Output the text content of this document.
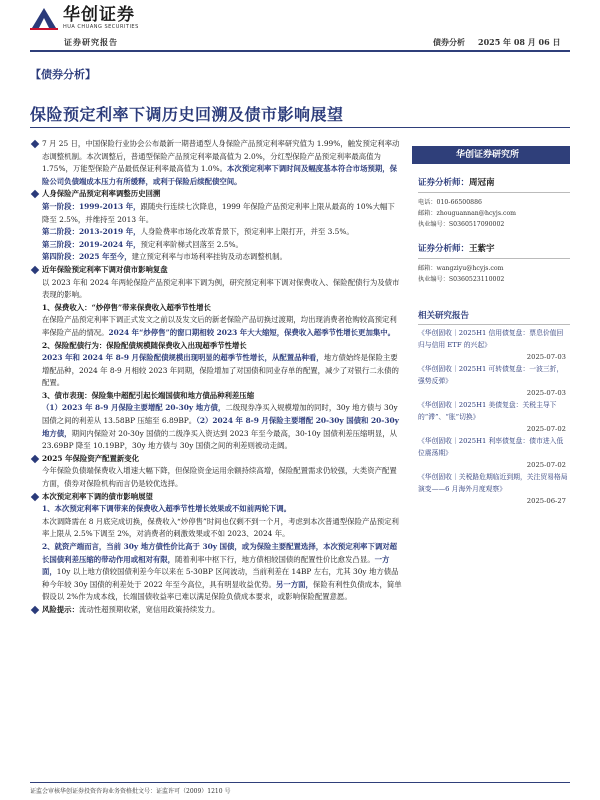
华创证券
HUA CHUANG SECURITIES
证券研究报告	债券分析 2025 年 08 月 06 日
【债券分析】
保险预定利率下调历史回溯及债市影响展望
7 月 25 日，中国保险行业协会公布最新一期普通型人身保险产品预定利率研究值为 1.99%，触发预定利率动态调整机制。本次调整后，普通型保险产品预定利率最高值为 2.0%，分红型保险产品预定利率最高值为 1.75%，万能型保险产品最低保证利率最高值为 1.0%。本次预定利率下调时间及幅度基本符合市场预期，保险公司负债端成本压力有所缓释，或利于保险后续配债空间。
人身保险产品预定利率调整历史回溯
第一阶段：1999-2013 年，跟随央行连续七次降息，1999 年保险产品预定利率上限从最高的 10%大幅下降至 2.5%，并维持至 2013 年。
第二阶段：2013-2019 年，人身险费率市场化改革背景下，预定利率上限打开，并至 3.5%。
第三阶段：2019-2024 年，预定利率阶梯式回落至 2.5%。
第四阶段：2025 年至今，建立预定利率与市场利率挂钩及动态调整机制。
近年保险预定利率下调对债市影响复盘
以 2023 年和 2024 年两轮保险产品预定利率下调为例，研究预定利率下调对保费收入、保险配债行为及债市表现的影响。
1、保费收入：“炒停售”带来保费收入超季节性增长
在保险产品预定利率下调正式发文之前以及发文后的新老保险产品切换过渡期，均出现消费者抢购较高预定利率保险产品的情况。2024 年“炒停售”的窗口期相较 2023 年大大缩短，保费收入超季节性增长更加集中。
2、保险配债行为：保险配债规模随保费收入出现超季节性增长
2023 年和 2024 年 8-9 月保险配债规模出现明显的超季节性增长，从配置品种看，地方债始终是保险主要增配品种，2024 年 8-9 月相较 2023 年同期，保险增加了对国债和同业存单的配置，减少了对银行二永债的配置。
3、债市表现：保险集中超配引起长端国债和地方债品种利差压缩
（1）2023 年 8-9 月保险主要增配 20-30y 地方债，二级现券净买入规模增加的同时，30y 地方债与 30y 国债之间的利差从 13.58BP 压缩至 6.89BP。（2）2024 年 8-9 月保险主要增配 20-30y 国债和 20-30y 地方债，期间内保险对 20-30y 国债的二级净买入资达到 2023 年至今最高，30-10y 国债利差压缩明显，从 23.69BP 降至 10.19BP，30y 地方债与 30y 国债之间的利差则被动走阔。
2025 年保险资产配置新变化
今年保险负债端保费收入增速大幅下降，但保险资金运用余额持续高增，保险配置需求仍较强，大类资产配置方面，债券对保险机构而言仍是较优选择。
本次预定利率下调的债市影响展望
1、本次预定利率下调带来的保费收入超季节性增长效果或不如前两轮下调。
本次调降需在 8 月底完成切换，保费收入“炒停售”时间也仅剩不到一个月，考虑到本次普通型保险产品预定利率上限从 2.5%下调至 2%，对消费者的刺激效果或不如 2023、2024 年。
2、就资产端而言，当前 30y 地方债性价比高于 30y 国债，或为保险主要配置选择，本次预定利率下调对超长国债利差压缩的带动作用或相对有限，随着利率中枢下行，地方债相较国债的配置性价比愈发凸显。一方面，10y 以上地方债较国债利差今年以来在 5-30BP 区间波动，当前利差在 14BP 左右，尤其 30y 地方债品种今年较 30y 国债的利差处于 2022 年至今高位，具有明显收益优势。另一方面，保险有利性负债成本，简单假设以 2%作为成本线，长端国债收益率已难以满足保险负债成本要求，或影响保险配置意愿。
风险提示：流动性超预期收紧，宽信用政策持续发力。
华创证券研究所
证券分析师：周冠南
电话：010-66500886
邮箱：zhouguannan@hcyjs.com
执业编号：S0360517090002
证券分析师：王紫宇
邮箱：wangziyu@hcyjs.com
执业编号：S0360523110002
相关研究报告
《华创固收｜2025H1 信用债复盘：票息价值回归与信用 ETF 的兴起》
2025-07-03
《华创固收｜2025H1 可转债复盘：一波三折，强势反弹》
2025-07-03
《华创固收｜2025H1 美债复盘：关税主导下的“滞”、“胀”切换》
2025-07-02
《华创固收｜2025H1 利率债复盘：债市进入低位震荡期》
2025-07-02
《华创固收｜关税路危期临近到期，关注贸易格局演变——6 月海外月度观察》
2025-06-27
证监会审核华创证券投资咨询业务资格批文号：证监许可（2009）1210 号
